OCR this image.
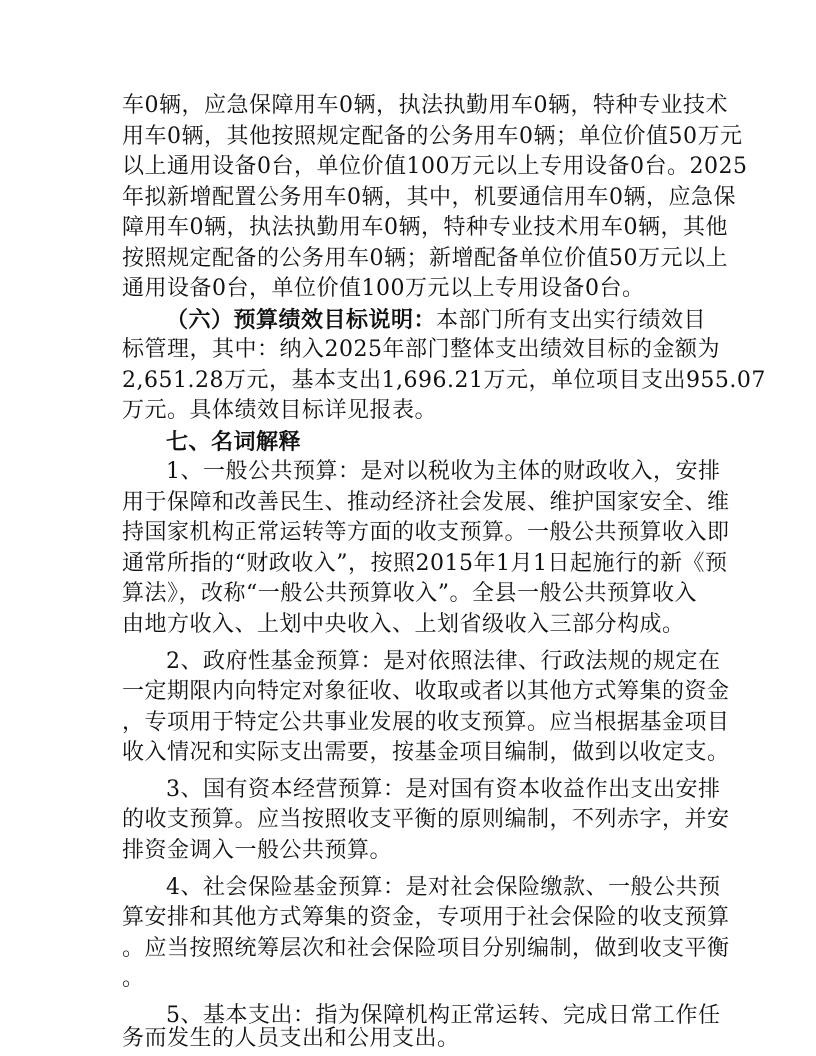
车0辆，应急保障用车0辆，执法执勤用车0辆，特种专业技术
用车0辆，其他按照规定配备的公务用车0辆；单位价值50万元
以上通用设备0台，单位价值100万元以上专用设备0台。2025
年拟新增配置公务用车0辆，其中，机要通信用车0辆，应急保
障用车0辆，执法执勤用车0辆，特种专业技术用车0辆，其他
按照规定配备的公务用车0辆；新增配备单位价值50万元以上
通用设备0台，单位价值100万元以上专用设备0台。
（六）预算绩效目标说明：本部门所有支出实行绩效目
标管理，其中：纳入2025年部门整体支出绩效目标的金额为
2,651.28万元，基本支出1,696.21万元，单位项目支出955.07
万元。具体绩效目标详见报表。
七、名词解释
1、一般公共预算：是对以税收为主体的财政收入，安排
用于保障和改善民生、推动经济社会发展、维护国家安全、维
持国家机构正常运转等方面的收支预算。一般公共预算收入即
通常所指的“财政收入”，按照2015年1月1日起施行的新《预
算法》，改称“一般公共预算收入”。全县一般公共预算收入
由地方收入、上划中央收入、上划省级收入三部分构成。
2、政府性基金预算：是对依照法律、行政法规的规定在
一定期限内向特定对象征收、收取或者以其他方式筹集的资金
，专项用于特定公共事业发展的收支预算。应当根据基金项目
收入情况和实际支出需要，按基金项目编制，做到以收定支。
3、国有资本经营预算：是对国有资本收益作出支出安排
的收支预算。应当按照收支平衡的原则编制，不列赤字，并安
排资金调入一般公共预算。
4、社会保险基金预算：是对社会保险缴款、一般公共预
算安排和其他方式筹集的资金，专项用于社会保险的收支预算
。应当按照统筹层次和社会保险项目分别编制，做到收支平衡
。
5、基本支出：指为保障机构正常运转、完成日常工作任
务而发生的人员支出和公用支出。
